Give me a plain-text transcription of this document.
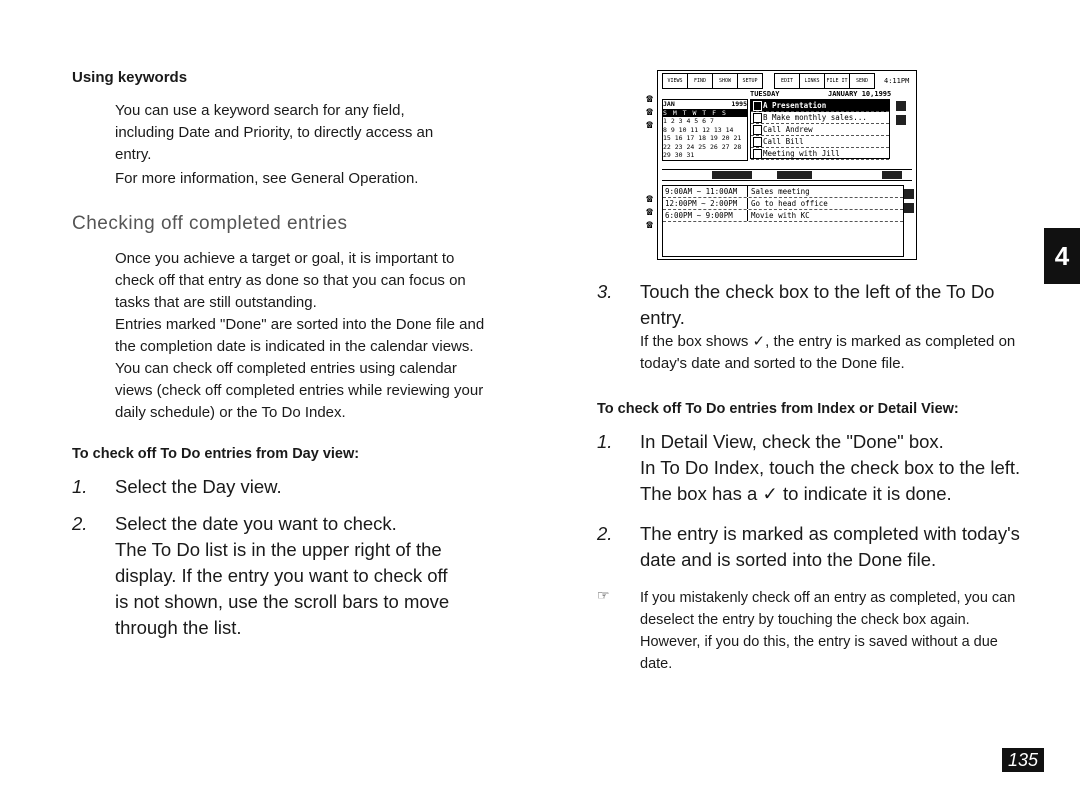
Using keywords
You can use a keyword search for any field, including Date and Priority, to directly access an entry.
For more information, see General Operation.
Checking off completed entries
Once you achieve a target or goal, it is important to check off that entry as done so that you can focus on tasks that are still outstanding.
Entries marked "Done" are sorted into the Done file and the completion date is indicated in the calendar views. You can check off completed entries using calendar views (check off completed entries while reviewing your daily schedule) or the To Do Index.
To check off To Do entries from Day view:
1.	Select the Day view.
2.	Select the date you want to check.
The To Do list is in the upper right of the display. If the entry you want to check off is not shown, use the scroll bars to move through the list.
☎☎☎
☎☎☎
VIEWS	FIND	SHOW	SETUP	EDIT	LINKS	FILE IT	SEND	4:11PM
JAN	1995
S M T W T F S
1 2 3 4 5 6 7
8 9 10 11 12 13 14
15 16 17 18 19 20 21
22 23 24 25 26 27 28
29 30 31
TUESDAY	JANUARY 10,1995
A Presentation
B Make monthly sales...
Call Andrew
Call Bill
Meeting with Jill
9:00AM ~ 11:00AM	Sales meeting
12:00PM ~ 2:00PM	Go to head office
6:00PM ~ 9:00PM	Movie with KC
3.	Touch the check box to the left of the To Do entry.
If the box shows ✓, the entry is marked as completed on today's date and sorted to the Done file.
To check off To Do entries from Index or Detail View:
1.	In Detail View, check the "Done" box.
In To Do Index, touch the check box to the left. The box has a ✓ to indicate it is done.
2.	The entry is marked as completed with today's date and is sorted into the Done file.
☞	If you mistakenly check off an entry as completed, you can deselect the entry by touching the check box again. However, if you do this, the entry is saved without a due date.
4
135
